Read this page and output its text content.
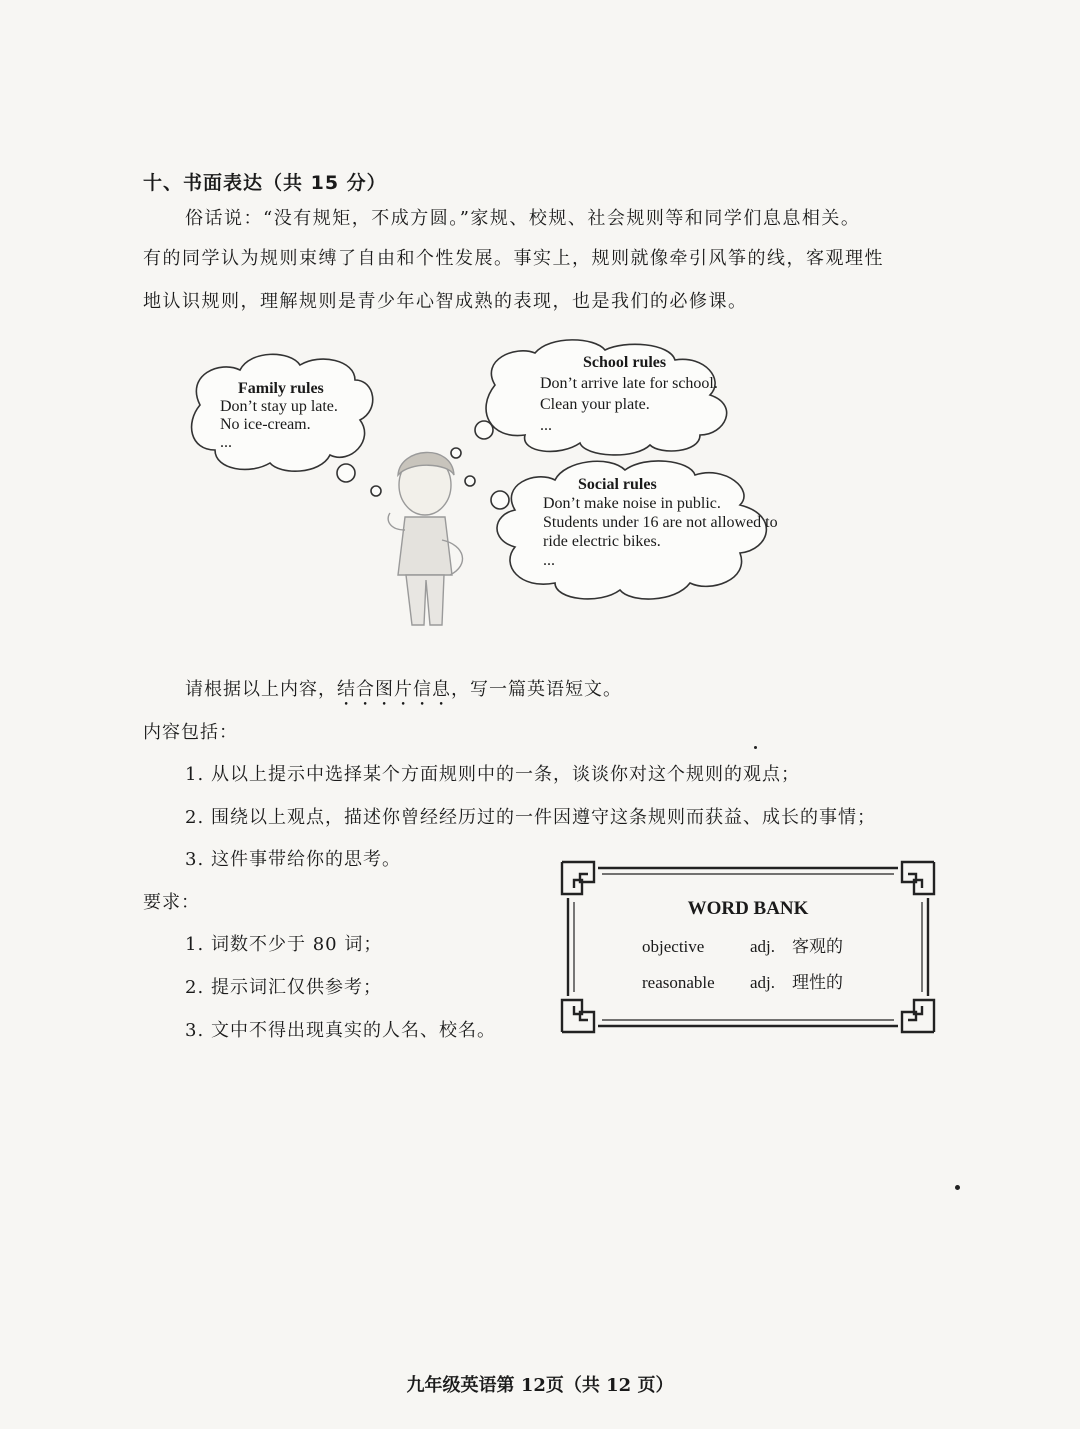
十、书面表达（共 15 分）
俗话说：“没有规矩，不成方圆。”家规、校规、社会规则等和同学们息息相关。
有的同学认为规则束缚了自由和个性发展。事实上，规则就像牵引风筝的线，客观理性
地认识规则，理解规则是青少年心智成熟的表现，也是我们的必修课。
Family rules
Don’t stay up late.
No ice-cream.
...
School rules
Don’t arrive late for school.
Clean your plate.
...
Social rules
Don’t make noise in public.
Students under 16 are not allowed to
ride electric bikes.
...
请根据以上内容，结合图片信息，写一篇英语短文。
内容包括：
1. 从以上提示中选择某个方面规则中的一条，谈谈你对这个规则的观点；
2. 围绕以上观点，描述你曾经经历过的一件因遵守这条规则而获益、成长的事情；
3. 这件事带给你的思考。
要求：
1. 词数不少于 80 词；
2. 提示词汇仅供参考；
3. 文中不得出现真实的人名、校名。
WORD BANK
objective	adj. 客观的
reasonable adj. 理性的
九年级英语第 12页（共 12 页）
